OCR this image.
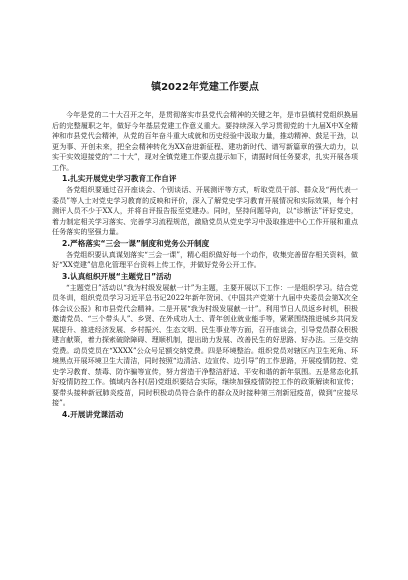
镇2022年党建工作要点

今年是党的二十大召开之年，是贯彻落实市县党代会精神的关键之年，是市县镇村党组织换届后的完整履职之年，做好今年基层党建工作意义重大。要持续深入学习贯彻党的十九届X中X全精神和市县党代会精神，从党的百年奋斗重大成就和历史经验中汲取力量，推动精神、鼓足干劲，以更为事、开创未来，把全会精神转化为XX奋进新征程、建功新时代、谱写新篇章的强大动力，以实干实效迎接党的“二十大”，现对全镇党建工作要点提示如下，请据时间任务要求，扎实开展各项工作。

1.扎实开展党史学习教育工作自评

各党组织要通过召开座谈会、个别谈话、开展测评等方式，听取党员干部、群众及“两代表一委员”等人士对党史学习教育的反映和评价，深入了解党史学习教育开展情况和实际效果，每个村测评人员不少于XX人，并将自评报告报至党建办。同时，坚持问题导向，以“诊断法”评好党史，着力制定相关学习落实、完善学习流程规范，激励党员从党史学习中汲取推进中心工作开展和重点任务落实的坚强力量。

2.严格落实“三会一课”制度和党务公开制度

各党组织要认真谋划落实“三会一课”，精心组织做好每一个动作，收集完善留存相关资料，做好“XX党建”信息化管理平台资料上传工作，并做好党务公开工作。

3.认真组织开展“主题党日”活动

“主题党日”活动以“我为村级发展献一计”为主题，主要开展以下工作：一是组织学习。结合党员冬训，组织党员学习习近平总书记2022年新年贺词、《中国共产党第十九届中央委员会第X次全体会议公报》和市县党代会精神。二是开展“我为村级发展献一计”。利用节日人员返乡时机，积极邀请党员、“三个带头人”、乡贤、在外成功人士、青年创业就业能手等，紧紧围绕推进城乡共同发展提升、推进经济发展、乡村振兴、生态文明、民生事业等方面，召开座谈会，引导党员群众积极建言献策，着力探索破除障碍、理顺机制，提出助力发展、改善民生的好思路、好办法。三是交纳党费。动员党员在“XXXX”公众号足额交纳党费。四是环境整治。组织党员对辖区内卫生死角、环境黑点开展环境卫生大清洁，同时按照“边清洁、边宣传、边引导”的工作思路，开展疫情防控、党史学习教育、禁毒、防诈骗等宣传，努力营造干净整洁舒适、平安和谐的新年氛围。五是常态化抓好疫情防控工作。镇域内各村(居)党组织要结合实际，继续加强疫情防控工作的政策解读和宣传；要带头接种新冠肺炎疫苗，同时积极动员符合条件的群众及时接种第三剂新冠疫苗，做到“应接尽接”。

4.开展讲党课活动
